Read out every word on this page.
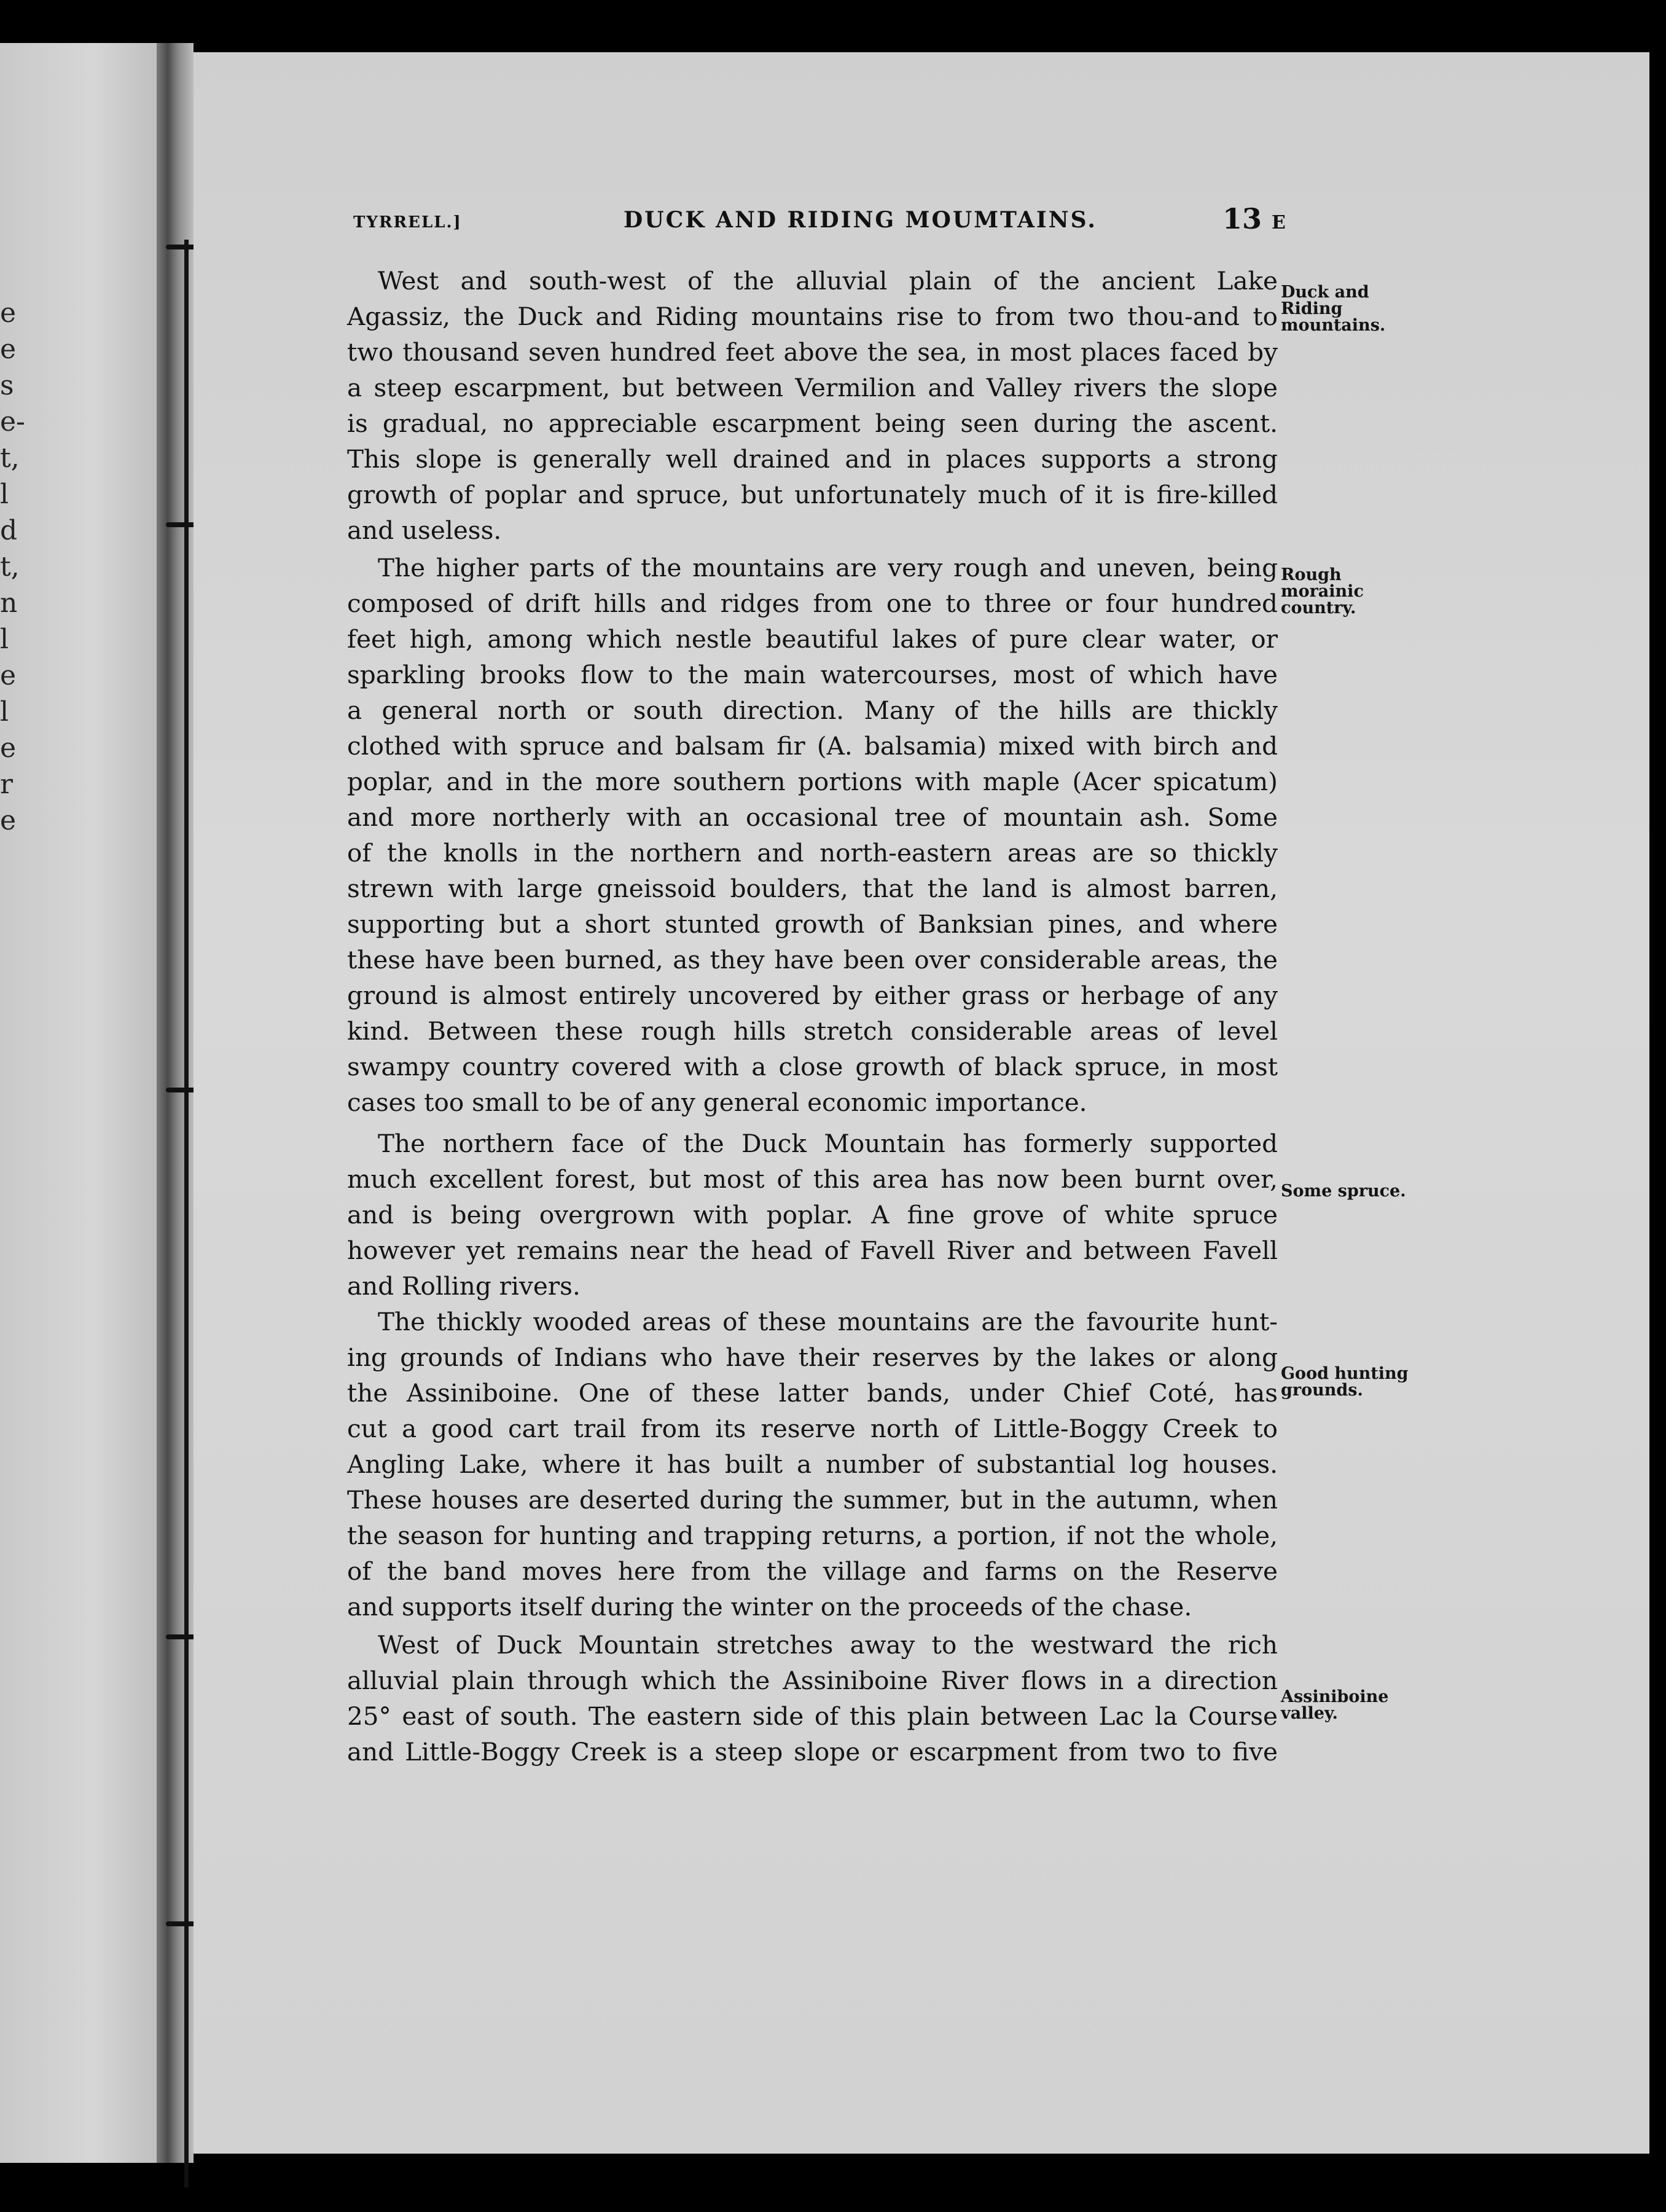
e
e
s
e-
t,
l
d
t,
n
l
e
l
e
r
e
TYRRELL.]	DUCK AND RIDING MOUMTAINS.	13 E
West and south-west of the alluvial plain of the ancient Lake
Agassiz, the Duck and Riding mountains rise to from two thou-and to
two thousand seven hundred feet above the sea, in most places faced by
a steep escarpment, but between Vermilion and Valley rivers the slope
is gradual, no appreciable escarpment being seen during the ascent.
This slope is generally well drained and in places supports a strong
growth of poplar and spruce, but unfortunately much of it is fire-killed
and useless.
The higher parts of the mountains are very rough and uneven, being
composed of drift hills and ridges from one to three or four hundred
feet high, among which nestle beautiful lakes of pure clear water, or
sparkling brooks flow to the main watercourses, most of which have
a general north or south direction. Many of the hills are thickly
clothed with spruce and balsam fir (A. balsamia) mixed with birch and
poplar, and in the more southern portions with maple (Acer spicatum)
and more northerly with an occasional tree of mountain ash. Some
of the knolls in the northern and north-eastern areas are so thickly
strewn with large gneissoid boulders, that the land is almost barren,
supporting but a short stunted growth of Banksian pines, and where
these have been burned, as they have been over considerable areas, the
ground is almost entirely uncovered by either grass or herbage of any
kind. Between these rough hills stretch considerable areas of level
swampy country covered with a close growth of black spruce, in most
cases too small to be of any general economic importance.
The northern face of the Duck Mountain has formerly supported
much excellent forest, but most of this area has now been burnt over,
and is being overgrown with poplar. A fine grove of white spruce
however yet remains near the head of Favell River and between Favell
and Rolling rivers.
The thickly wooded areas of these mountains are the favourite hunt-
ing grounds of Indians who have their reserves by the lakes or along
the Assiniboine. One of these latter bands, under Chief Coté, has
cut a good cart trail from its reserve north of Little-Boggy Creek to
Angling Lake, where it has built a number of substantial log houses.
These houses are deserted during the summer, but in the autumn, when
the season for hunting and trapping returns, a portion, if not the whole,
of the band moves here from the village and farms on the Reserve
and supports itself during the winter on the proceeds of the chase.
West of Duck Mountain stretches away to the westward the rich
alluvial plain through which the Assiniboine River flows in a direction
25° east of south. The eastern side of this plain between Lac la Course
and Little-Boggy Creek is a steep slope or escarpment from two to five
Duck and
Riding
mountains.
Rough
morainic
country.
Some spruce.
Good hunting
grounds.
Assiniboine
valley.
